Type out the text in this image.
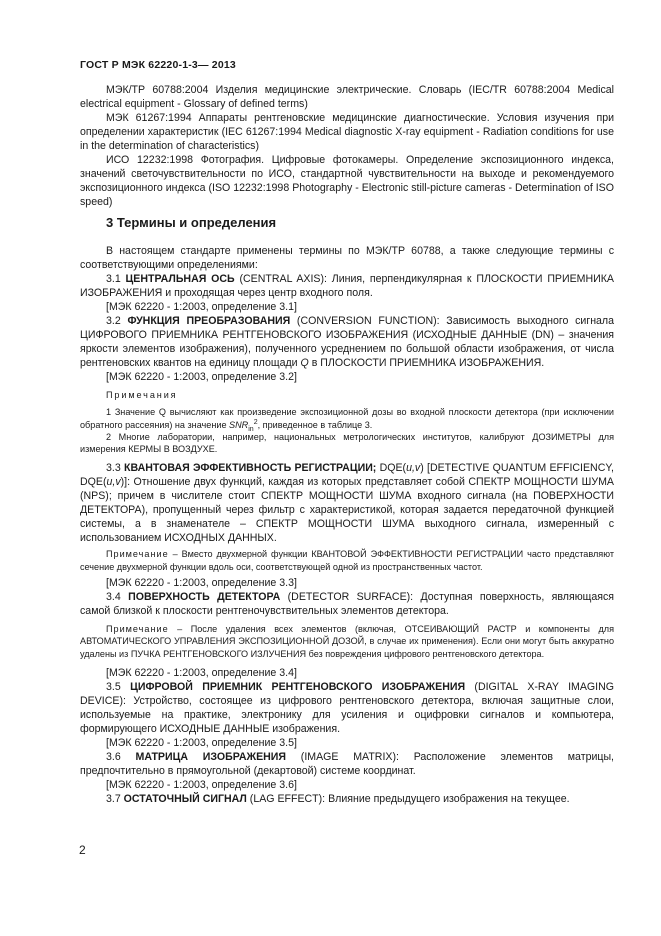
ГОСТ Р МЭК 62220-1-3— 2013

МЭК/ТР 60788:2004 Изделия медицинские электрические. Словарь (IEC/TR 60788:2004 Medical electrical equipment - Glossary of defined terms)

МЭК 61267:1994 Аппараты рентгеновские медицинские диагностические. Условия изучения при определении характеристик (IEC 61267:1994 Medical diagnostic X-ray equipment - Radiation conditions for use in the determination of characteristics)

ИСО 12232:1998 Фотография. Цифровые фотокамеры. Определение экспозиционного индекса, значений светочувствительности по ИСО, стандартной чувствительности на выходе и рекомендуемого экспозиционного индекса (ISO 12232:1998 Photography - Electronic still-picture cameras - Determination of ISO speed)

3 Термины и определения

В настоящем стандарте применены термины по МЭК/ТР 60788, а также следующие термины с соответствующими определениями:

3.1 ЦЕНТРАЛЬНАЯ ОСЬ (CENTRAL AXIS): Линия, перпендикулярная к ПЛОСКОСТИ ПРИЕМНИКА ИЗОБРАЖЕНИЯ и проходящая через центр входного поля.

[МЭК 62220 - 1:2003, определение 3.1]

3.2 ФУНКЦИЯ ПРЕОБРАЗОВАНИЯ (CONVERSION FUNCTION): Зависимость выходного сигнала ЦИФРОВОГО ПРИЕМНИКА РЕНТГЕНОВСКОГО ИЗОБРАЖЕНИЯ (ИСХОДНЫЕ ДАННЫЕ (DN) – значения яркости элементов изображения), полученного усреднением по большой области изображения, от числа рентгеновских квантов на единицу площади Q в ПЛОСКОСТИ ПРИЕМНИКА ИЗОБРАЖЕНИЯ.

[МЭК 62220 - 1:2003, определение 3.2]

Примечания

1 Значение Q вычисляют как произведение экспозиционной дозы во входной плоскости детектора (при исключении обратного рассеяния) на значение $SNR_{in}^2$, приведенное в таблице 3.

2 Многие лаборатории, например, национальных метрологических институтов, калибруют ДОЗИМЕТРЫ для измерения КЕРМЫ В ВОЗДУХЕ.

3.3 КВАНТОВАЯ ЭФФЕКТИВНОСТЬ РЕГИСТРАЦИИ; DQE(u,v) [DETECTIVE QUANTUM EFFICIENCY, DQE(u,v)]: Отношение двух функций, каждая из которых представляет собой СПЕКТР МОЩНОСТИ ШУМА (NPS); причем в числителе стоит СПЕКТР МОЩНОСТИ ШУМА входного сигнала (на ПОВЕРХНОСТИ ДЕТЕКТОРА), пропущенный через фильтр с характеристикой, которая задается передаточной функцией системы, а в знаменателе – СПЕКТР МОЩНОСТИ ШУМА выходного сигнала, измеренный с использованием ИСХОДНЫХ ДАННЫХ.

Примечание – Вместо двухмерной функции КВАНТОВОЙ ЭФФЕКТИВНОСТИ РЕГИСТРАЦИИ часто представляют сечение двухмерной функции вдоль оси, соответствующей одной из пространственных частот.

[МЭК 62220 - 1:2003, определение 3.3]

3.4 ПОВЕРХНОСТЬ ДЕТЕКТОРА (DETECTOR SURFACE): Доступная поверхность, являющаяся самой близкой к плоскости рентгеночувствительных элементов детектора.

Примечание – После удаления всех элементов (включая, ОТСЕИВАЮЩИЙ РАСТР и компоненты для АВТОМАТИЧЕСКОГО УПРАВЛЕНИЯ ЭКСПОЗИЦИОННОЙ ДОЗОЙ, в случае их применения). Если они могут быть аккуратно удалены из ПУЧКА РЕНТГЕНОВСКОГО ИЗЛУЧЕНИЯ без повреждения цифрового рентгеновского детектора.

[МЭК 62220 - 1:2003, определение 3.4]

3.5 ЦИФРОВОЙ ПРИЕМНИК РЕНТГЕНОВСКОГО ИЗОБРАЖЕНИЯ (DIGITAL X-RAY IMAGING DEVICE): Устройство, состоящее из цифрового рентгеновского детектора, включая защитные слои, используемые на практике, электронику для усиления и оцифровки сигналов и компьютера, формирующего ИСХОДНЫЕ ДАННЫЕ изображения.

[МЭК 62220 - 1:2003, определение 3.5]

3.6 МАТРИЦА ИЗОБРАЖЕНИЯ (IMAGE MATRIX): Расположение элементов матрицы, предпочтительно в прямоугольной (декартовой) системе координат.

[МЭК 62220 - 1:2003, определение 3.6]

3.7 ОСТАТОЧНЫЙ СИГНАЛ (LAG EFFECT): Влияние предыдущего изображения на текущее.

2
